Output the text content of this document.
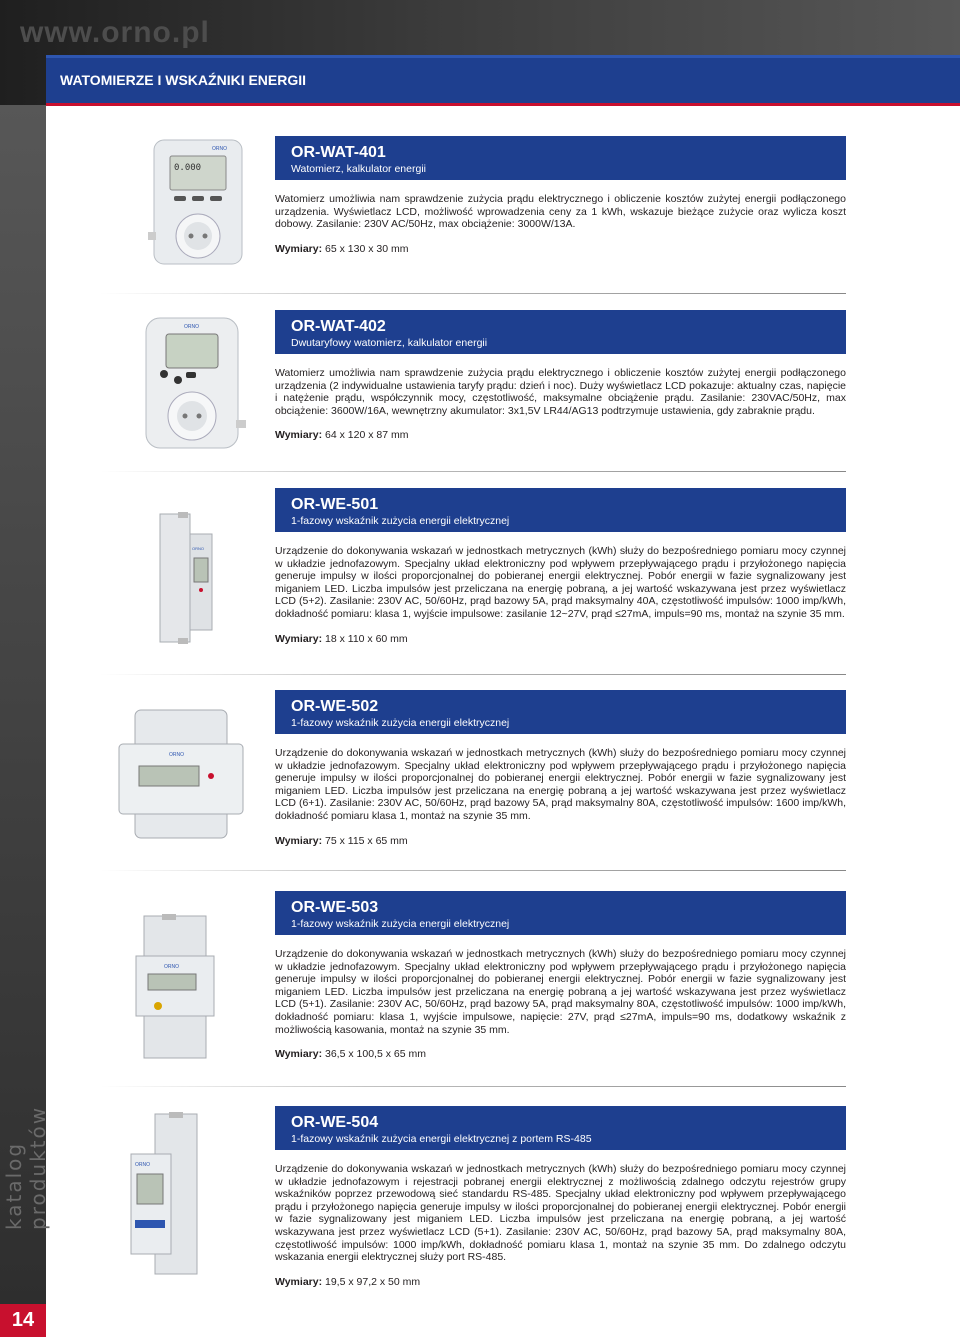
www.orno.pl
WATOMIERZE I WSKAŹNIKI ENERGII
katalog produktów
14
ORNO
0.000
OR-WAT-401
Watomierz, kalkulator energii
Watomierz umożliwia nam sprawdzenie zużycia prądu elektrycznego i obliczenie kosztów zużytej energii podłączonego urządzenia. Wyświetlacz LCD, możliwość wprowadzenia ceny za 1 kWh, wskazuje bieżące zużycie oraz wylicza koszt dobowy. Zasilanie: 230V AC/50Hz, max obciążenie: 3000W/13A.
Wymiary: 65 x 130 x 30 mm
ORNO	OR-WAT-402
Dwutaryfowy watomierz, kalkulator energii
Watomierz umożliwia nam sprawdzenie zużycia prądu elektrycznego i obliczenie kosztów zużytej energii podłączonego urządzenia (2 indywidualne ustawienia taryfy prądu: dzień i noc). Duży wyświetlacz LCD pokazuje: aktualny czas, napięcie i natężenie prądu, współczynnik mocy, częstotliwość, maksymalne obciążenie prądu. Zasilanie: 230VAC/50Hz, max obciążenie: 3600W/16A, wewnętrzny akumulator: 3x1,5V LR44/AG13 podtrzymuje ustawienia, gdy zabraknie prądu.
Wymiary: 64 x 120 x 87 mm
ORNO
OR-WE-501
1-fazowy wskaźnik zużycia energii elektrycznej
Urządzenie do dokonywania wskazań w jednostkach metrycznych (kWh) służy do bezpośredniego pomiaru mocy czynnej w układzie jednofazowym. Specjalny układ elektroniczny pod wpływem przepływającego prądu i przyłożonego napięcia generuje impulsy w ilości proporcjonalnej do pobieranej energii elektrycznej. Pobór energii w fazie sygnalizowany jest miganiem LED. Liczba impulsów jest przeliczana na energię pobraną, a jej wartość wskazywana jest przez wyświetlacz LCD (5+2). Zasilanie: 230V AC, 50/60Hz, prąd bazowy 5A, prąd maksymalny 40A, częstotliwość impulsów: 1000 imp/kWh, dokładność pomiaru: klasa 1, wyjście impulsowe: zasilanie 12~27V, prąd ≤27mA, impuls=90 ms, montaż na szynie 35 mm.
Wymiary: 18 x 110 x 60 mm
ORNO
OR-WE-502
1-fazowy wskaźnik zużycia energii elektrycznej
Urządzenie do dokonywania wskazań w jednostkach metrycznych (kWh) służy do bezpośredniego pomiaru mocy czynnej w układzie jednofazowym. Specjalny układ elektroniczny pod wpływem przepływającego prądu i przyłożonego napięcia generuje impulsy w ilości proporcjonalnej do pobieranej energii elektrycznej. Pobór energii w fazie sygnalizowany jest miganiem LED. Liczba impulsów jest przeliczana na energię pobraną a jej wartość wskazywana jest przez wyświetlacz LCD (6+1). Zasilanie: 230V AC, 50/60Hz, prąd bazowy 5A, prąd maksymalny 80A, częstotliwość impulsów: 1600 imp/kWh, dokładność pomiaru klasa 1, montaż na szynie 35 mm.
Wymiary: 75 x 115 x 65 mm
ORNO
OR-WE-503
1-fazowy wskaźnik zużycia energii elektrycznej
Urządzenie do dokonywania wskazań w jednostkach metrycznych (kWh) służy do bezpośredniego pomiaru mocy czynnej w układzie jednofazowym. Specjalny układ elektroniczny pod wpływem przepływającego prądu i przyłożonego napięcia generuje impulsy w ilości proporcjonalnej do pobieranej energii elektrycznej. Pobór energii w fazie sygnalizowany jest miganiem LED. Liczba impulsów jest przeliczana na energię pobraną a jej wartość wskazywana jest przez wyświetlacz LCD (5+1). Zasilanie: 230V AC, 50/60Hz, prąd bazowy 5A, prąd maksymalny 80A, częstotliwość impulsów: 1000 imp/kWh, dokładność pomiaru: klasa 1, wyjście impulsowe, napięcie: 27V, prąd ≤27mA, impuls=90 ms, dodatkowy wskaźnik z możliwością kasowania, montaż na szynie 35 mm.
Wymiary: 36,5 x 100,5 x 65 mm
ORNO
OR-WE-504
1-fazowy wskaźnik zużycia energii elektrycznej z portem RS-485
Urządzenie do dokonywania wskazań w jednostkach metrycznych (kWh) służy do bezpośredniego pomiaru mocy czynnej w układzie jednofazowym i rejestracji pobranej energii elektrycznej z możliwością zdalnego odczytu rejestrów grupy wskaźników poprzez przewodową sieć standardu RS-485. Specjalny układ elektroniczny pod wpływem przepływającego prądu i przyłożonego napięcia generuje impulsy w ilości proporcjonalnej do pobieranej energii elektrycznej. Pobór energii w fazie sygnalizowany jest miganiem LED. Liczba impulsów jest przeliczana na energię pobraną, a jej wartość wskazywana jest przez wyświetlacz LCD (5+1). Zasilanie: 230V AC, 50/60Hz, prąd bazowy 5A, prąd maksymalny 80A, częstotliwość impulsów: 1000 imp/kWh, dokładność pomiaru klasa 1, montaż na szynie 35 mm. Do zdalnego odczytu wskazania energii elektrycznej służy port RS-485.
Wymiary: 19,5 x 97,2 x 50 mm
